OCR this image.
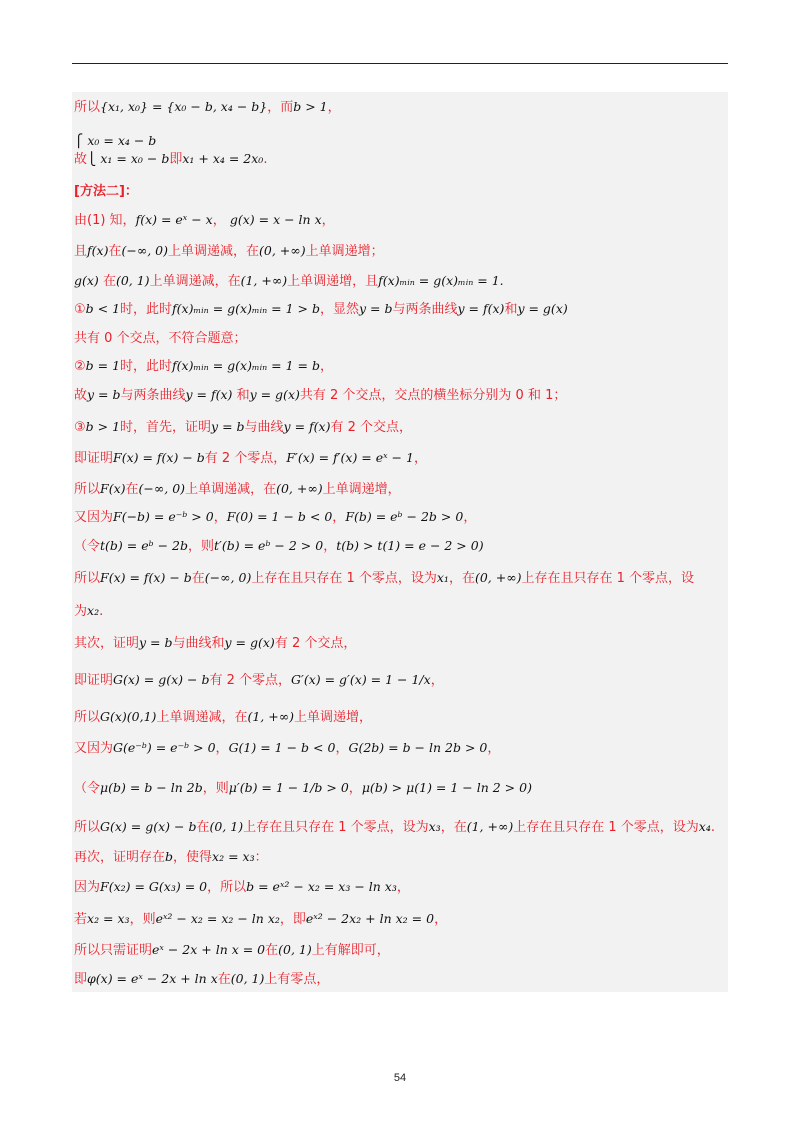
所以{x₁, x₀} = {x₀ − b, x₄ − b}，而b > 1，
⎧ x₀ = x₄ − b
故⎩ x₁ = x₀ − b即x₁ + x₄ = 2x₀.
[方法二]：
由(1) 知，f(x) = eˣ − x， g(x) = x − ln x，
且f(x)在(−∞, 0)上单调递减，在(0, +∞)上单调递增；
g(x) 在(0, 1)上单调递减，在(1, +∞)上单调递增，且f(x)ₘᵢₙ = g(x)ₘᵢₙ = 1.
①b < 1时，此时f(x)ₘᵢₙ = g(x)ₘᵢₙ = 1 > b，显然y = b与两条曲线y = f(x)和y = g(x)
共有 0 个交点，不符合题意；
②b = 1时，此时f(x)ₘᵢₙ = g(x)ₘᵢₙ = 1 = b，
故y = b与两条曲线y = f(x) 和y = g(x)共有 2 个交点，交点的横坐标分别为 0 和 1；
③b > 1时，首先，证明y = b与曲线y = f(x)有 2 个交点，
即证明F(x) = f(x) − b有 2 个零点，F′(x) = f′(x) = eˣ − 1，
所以F(x)在(−∞, 0)上单调递减，在(0, +∞)上单调递增，
又因为F(−b) = e⁻ᵇ > 0，F(0) = 1 − b < 0，F(b) = eᵇ − 2b > 0，
（令t(b) = eᵇ − 2b，则t′(b) = eᵇ − 2 > 0，t(b) > t(1) = e − 2 > 0)
所以F(x) = f(x) − b在(−∞, 0)上存在且只存在 1 个零点，设为x₁，在(0, +∞)上存在且只存在 1 个零点，设
为x₂.
其次，证明y = b与曲线和y = g(x)有 2 个交点，
即证明G(x) = g(x) − b有 2 个零点，G′(x) = g′(x) = 1 − 1/x，
所以G(x)(0,1)上单调递减，在(1, +∞)上单调递增，
又因为G(e⁻ᵇ) = e⁻ᵇ > 0，G(1) = 1 − b < 0，G(2b) = b − ln 2b > 0，
（令μ(b) = b − ln 2b，则μ′(b) = 1 − 1/b > 0，μ(b) > μ(1) = 1 − ln 2 > 0)
所以G(x) = g(x) − b在(0, 1)上存在且只存在 1 个零点，设为x₃，在(1, +∞)上存在且只存在 1 个零点，设为x₄.
再次，证明存在b，使得x₂ = x₃：
因为F(x₂) = G(x₃) = 0，所以b = eˣ² − x₂ = x₃ − ln x₃，
若x₂ = x₃，则eˣ² − x₂ = x₂ − ln x₂，即eˣ² − 2x₂ + ln x₂ = 0，
所以只需证明eˣ − 2x + ln x = 0在(0, 1)上有解即可，
即φ(x) = eˣ − 2x + ln x在(0, 1)上有零点，
54
